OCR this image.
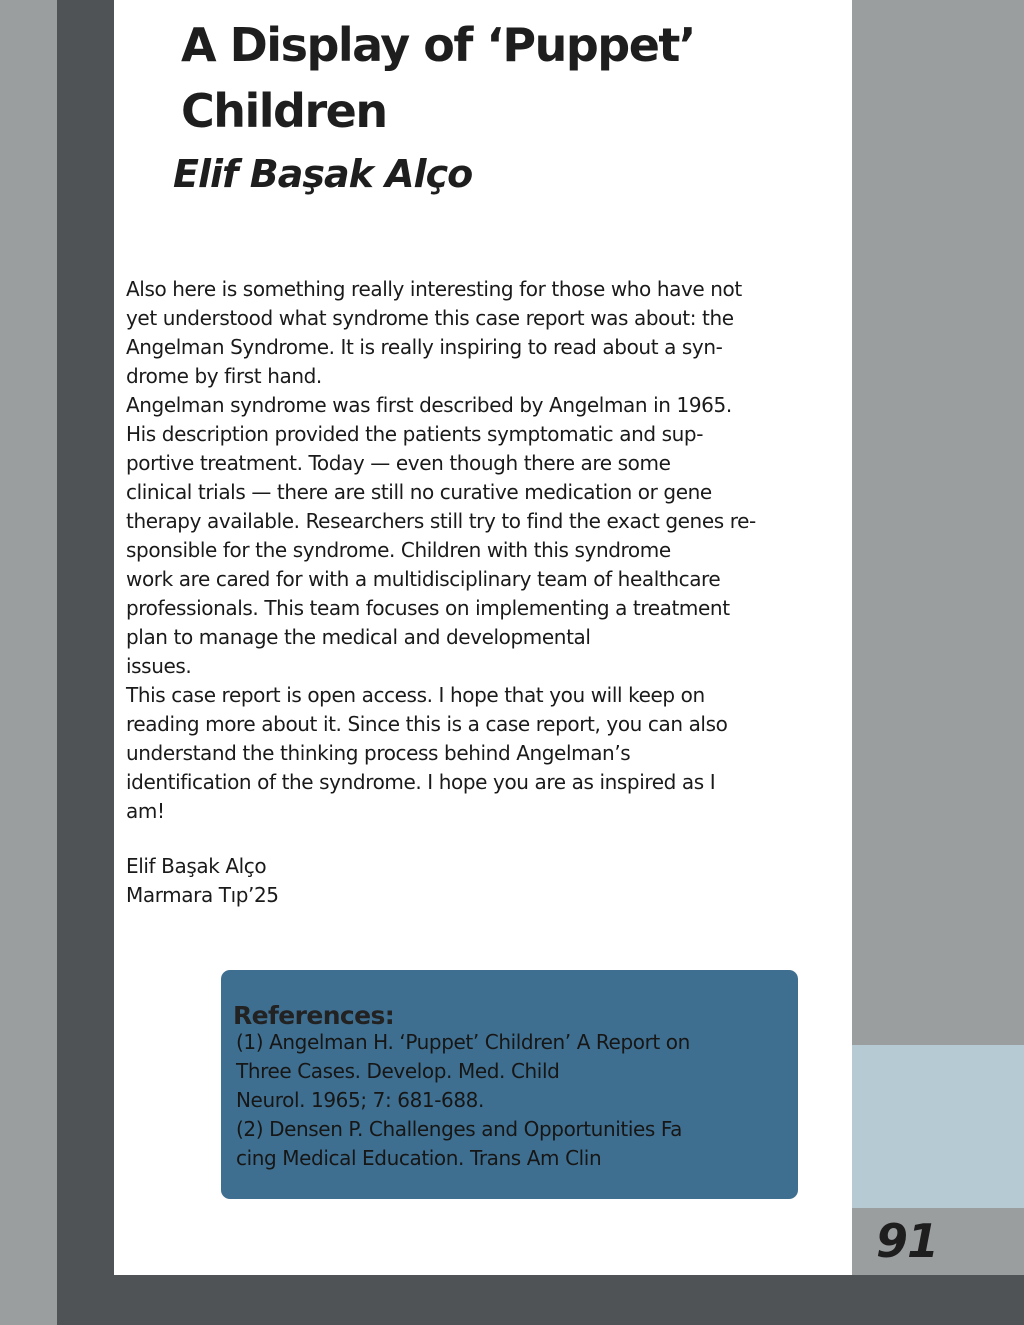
91
A Display of ‘Puppet’
Children
Elif Başak Alço
Also here is something really interesting for those who have not
yet understood what syndrome this case report was about: the
Angelman Syndrome. It is really inspiring to read about a syn-
drome by first hand.
Angelman syndrome was first described by Angelman in 1965.
His description provided the patients symptomatic and sup-
portive treatment. Today — even though there are some
clinical trials — there are still no curative medication or gene
therapy available. Researchers still try to find the exact genes re-
sponsible for the syndrome. Children with this syndrome
work are cared for with a multidisciplinary team of healthcare
professionals. This team focuses on implementing a treatment
plan to manage the medical and developmental
issues.
This case report is open access. I hope that you will keep on
reading more about it. Since this is a case report, you can also
understand the thinking process behind Angelman’s
identification of the syndrome. I hope you are as inspired as I
am!
Elif Başak Alço
Marmara Tıp’25
References:
(1) Angelman H. ‘Puppet’ Children’ A Report on
Three Cases. Develop. Med. Child
Neurol. 1965; 7: 681-688.
(2) Densen P. Challenges and Opportunities Fa
cing Medical Education. Trans Am Clin
